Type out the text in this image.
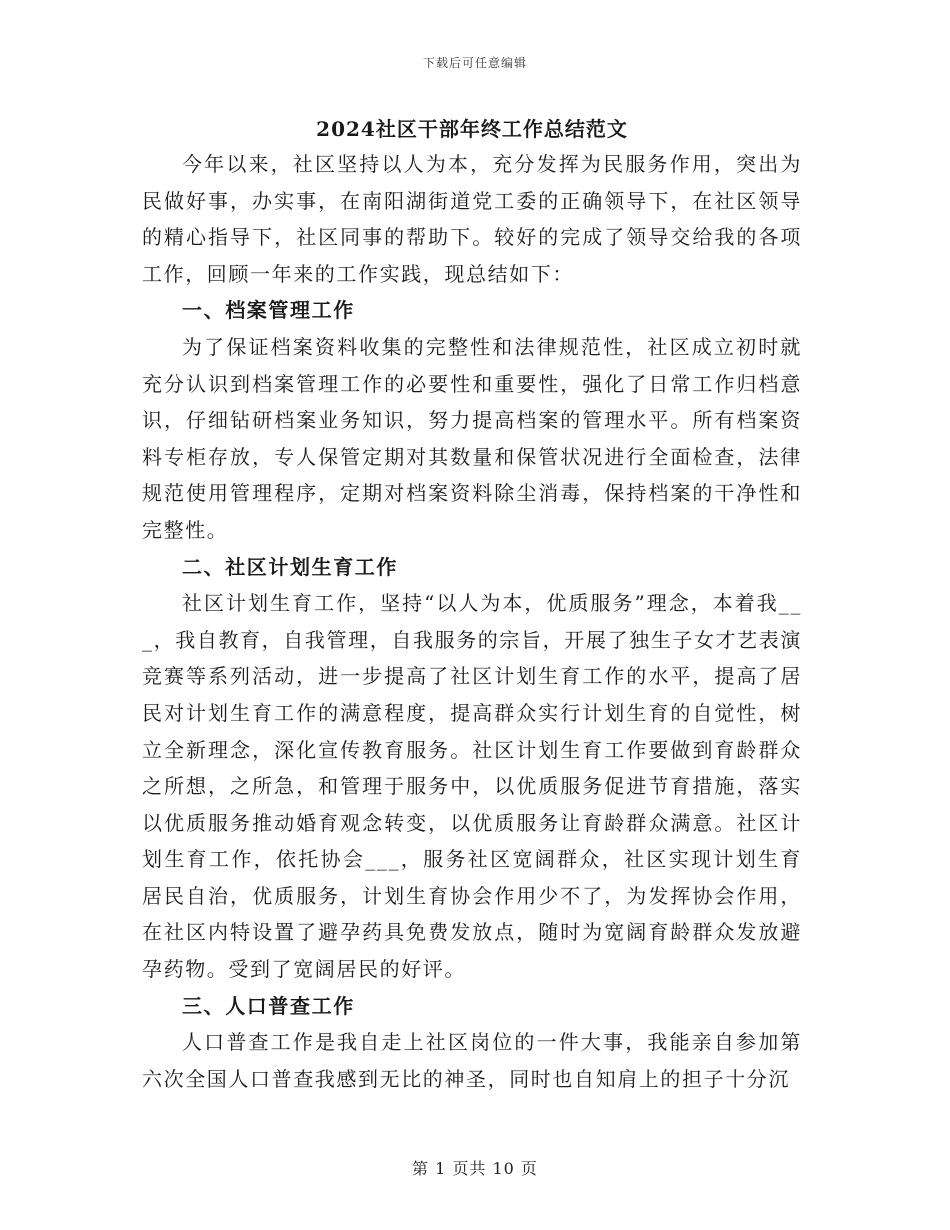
下载后可任意编辑
2024社区干部年终工作总结范文

今年以来，社区坚持以人为本，充分发挥为民服务作用，突出为民做好事，办实事，在南阳湖街道党工委的正确领导下，在社区领导的精心指导下，社区同事的帮助下。较好的完成了领导交给我的各项工作，回顾一年来的工作实践，现总结如下：

一、档案管理工作

为了保证档案资料收集的完整性和法律规范性，社区成立初时就充分认识到档案管理工作的必要性和重要性，强化了日常工作归档意识，仔细钻研档案业务知识，努力提高档案的管理水平。所有档案资料专柜存放，专人保管定期对其数量和保管状况进行全面检查，法律规范使用管理程序，定期对档案资料除尘消毒，保持档案的干净性和完整性。

二、社区计划生育工作

社区计划生育工作，坚持“以人为本，优质服务”理念，本着我___，我自教育，自我管理，自我服务的宗旨，开展了独生子女才艺表演竞赛等系列活动，进一步提高了社区计划生育工作的水平，提高了居民对计划生育工作的满意程度，提高群众实行计划生育的自觉性，树立全新理念，深化宣传教育服务。社区计划生育工作要做到育龄群众之所想，之所急，和管理于服务中，以优质服务促进节育措施，落实以优质服务推动婚育观念转变，以优质服务让育龄群众满意。社区计划生育工作，依托协会___，服务社区宽阔群众，社区实现计划生育居民自治，优质服务，计划生育协会作用少不了，为发挥协会作用，在社区内特设置了避孕药具免费发放点，随时为宽阔育龄群众发放避孕药物。受到了宽阔居民的好评。

三、人口普查工作

人口普查工作是我自走上社区岗位的一件大事，我能亲自参加第六次全国人口普查我感到无比的神圣，同时也自知肩上的担子十分沉

第 1 页共 10 页
